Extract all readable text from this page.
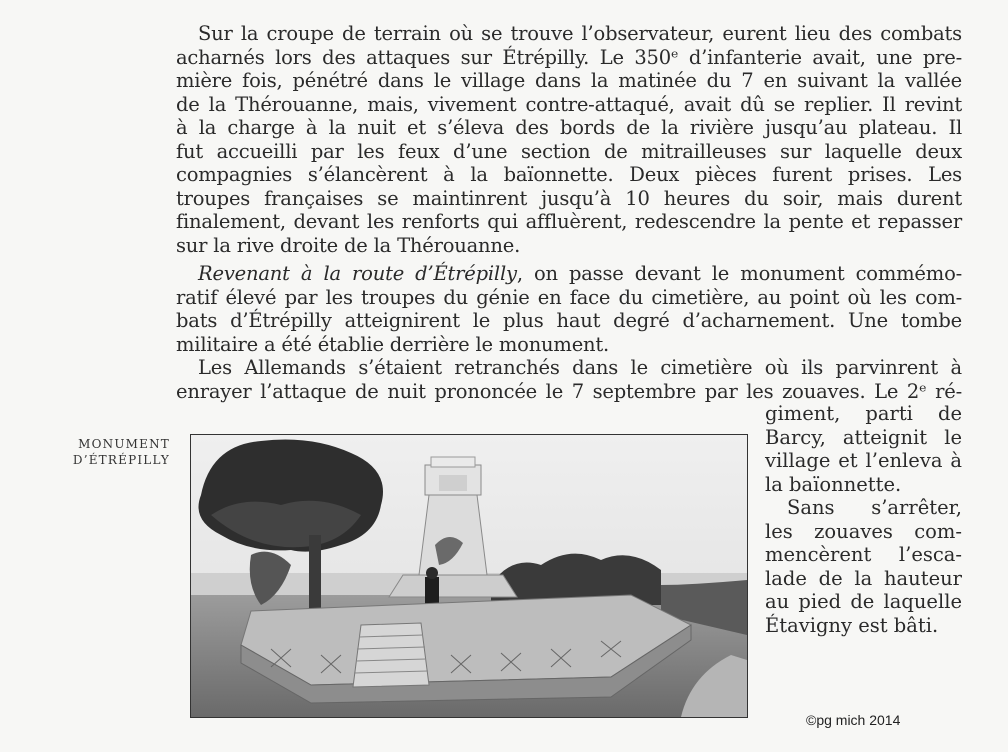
Sur la croupe de terrain où se trouve l’observateur, eurent lieu des combats
acharnés lors des attaques sur Étrépilly. Le 350ᵉ d’infanterie avait, une pre-
mière fois, pénétré dans le village dans la matinée du 7 en suivant la vallée
de la Thérouanne, mais, vivement contre-attaqué, avait dû se replier. Il revint
à la charge à la nuit et s’éleva des bords de la rivière jusqu’au plateau. Il
fut accueilli par les feux d’une section de mitrailleuses sur laquelle deux
compagnies s’élancèrent à la baïonnette. Deux pièces furent prises. Les
troupes françaises se maintinrent jusqu’à 10 heures du soir, mais durent
finalement, devant les renforts qui affluèrent, redescendre la pente et repasser
sur la rive droite de la Thérouanne.

Revenant à la route d’Étrépilly, on passe devant le monument commémo-
ratif élevé par les troupes du génie en face du cimetière, au point où les com-
bats d’Étrépilly atteignirent le plus haut degré d’acharnement. Une tombe
militaire a été établie derrière le monument.

Les Allemands s’étaient retranchés dans le cimetière où ils parvinrent à
enrayer l’attaque de nuit prononcée le 7 septembre par les zouaves. Le 2ᵉ ré-

giment, parti de
Barcy, atteignit le
village et l’enleva à
la baïonnette.
Sans s’arrêter,
les zouaves com-
mencèrent l’esca-
lade de la hauteur
au pied de laquelle
Étavigny est bâti.
MONUMENT
D’ÉTRÉPILLY
©pg mich 2014
